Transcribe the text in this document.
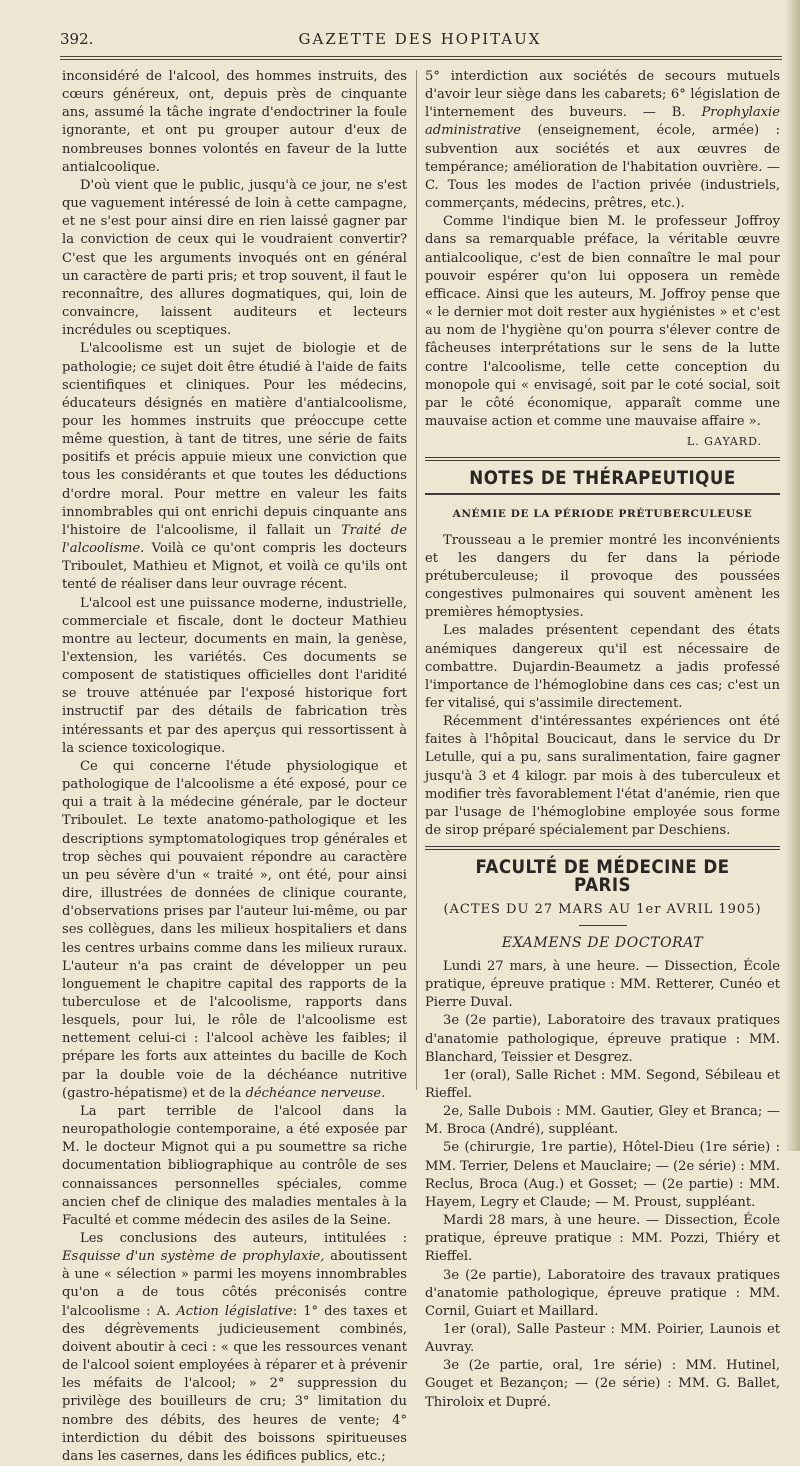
392.	GAZETTE DES HOPITAUX

inconsidéré de l'alcool, des hommes instruits, des cœurs généreux, ont, depuis près de cinquante ans, assumé la tâche ingrate d'endoctriner la foule ignorante, et ont pu grouper autour d'eux de nombreuses bonnes volontés en faveur de la lutte antialcoolique.

D'où vient que le public, jusqu'à ce jour, ne s'est que vaguement intéressé de loin à cette campagne, et ne s'est pour ainsi dire en rien laissé gagner par la conviction de ceux qui le voudraient convertir? C'est que les arguments invoqués ont en général un caractère de parti pris; et trop souvent, il faut le reconnaître, des allures dogmatiques, qui, loin de convaincre, laissent auditeurs et lecteurs incrédules ou sceptiques.

L'alcoolisme est un sujet de biologie et de pathologie; ce sujet doit être étudié à l'aide de faits scientifiques et cliniques. Pour les médecins, éducateurs désignés en matière d'antialcoolisme, pour les hommes instruits que préoccupe cette même question, à tant de titres, une série de faits positifs et précis appuie mieux une conviction que tous les considérants et que toutes les déductions d'ordre moral. Pour mettre en valeur les faits innombrables qui ont enrichi depuis cinquante ans l'histoire de l'alcoolisme, il fallait un Traité de l'alcoolisme. Voilà ce qu'ont compris les docteurs Triboulet, Mathieu et Mignot, et voilà ce qu'ils ont tenté de réaliser dans leur ouvrage récent.

L'alcool est une puissance moderne, industrielle, commerciale et fiscale, dont le docteur Mathieu montre au lecteur, documents en main, la genèse, l'extension, les variétés. Ces documents se composent de statistiques officielles dont l'aridité se trouve atténuée par l'exposé historique fort instructif par des détails de fabrication très intéressants et par des aperçus qui ressortissent à la science toxicologique.

Ce qui concerne l'étude physiologique et pathologique de l'alcoolisme a été exposé, pour ce qui a trait à la médecine générale, par le docteur Triboulet. Le texte anatomo-pathologique et les descriptions symptomatologiques trop générales et trop sèches qui pouvaient répondre au caractère un peu sévère d'un « traité », ont été, pour ainsi dire, illustrées de données de clinique courante, d'observations prises par l'auteur lui-même, ou par ses collègues, dans les milieux hospitaliers et dans les centres urbains comme dans les milieux ruraux. L'auteur n'a pas craint de développer un peu longuement le chapitre capital des rapports de la tuberculose et de l'alcoolisme, rapports dans lesquels, pour lui, le rôle de l'alcoolisme est nettement celui-ci : l'alcool achève les faibles; il prépare les forts aux atteintes du bacille de Koch par la double voie de la déchéance nutritive (gastro-hépatisme) et de la déchéance nerveuse.

La part terrible de l'alcool dans la neuropathologie contemporaine, a été exposée par M. le docteur Mignot qui a pu soumettre sa riche documentation bibliographique au contrôle de ses connaissances personnelles spéciales, comme ancien chef de clinique des maladies mentales à la Faculté et comme médecin des asiles de la Seine.

Les conclusions des auteurs, intitulées : Esquisse d'un système de prophylaxie, aboutissent à une « sélection » parmi les moyens innombrables qu'on a de tous côtés préconisés contre l'alcoolisme : A. Action législative: 1° des taxes et des dégrèvements judicieusement combinés, doivent aboutir à ceci : « que les ressources venant de l'alcool soient employées à réparer et à prévenir les méfaits de l'alcool; » 2° suppression du privilège des bouilleurs de cru; 3° limitation du nombre des débits, des heures de vente; 4° interdiction du débit des boissons spiritueuses dans les casernes, dans les édifices publics, etc.;

5° interdiction aux sociétés de secours mutuels d'avoir leur siège dans les cabarets; 6° législation de l'internement des buveurs. — B. Prophylaxie administrative (enseignement, école, armée) : subvention aux sociétés et aux œuvres de tempérance; amélioration de l'habitation ouvrière. — C. Tous les modes de l'action privée (industriels, commerçants, médecins, prêtres, etc.).

Comme l'indique bien M. le professeur Joffroy dans sa remarquable préface, la véritable œuvre antialcoolique, c'est de bien connaître le mal pour pouvoir espérer qu'on lui opposera un remède efficace. Ainsi que les auteurs, M. Joffroy pense que « le dernier mot doit rester aux hygiénistes » et c'est au nom de l'hygiène qu'on pourra s'élever contre de fâcheuses interprétations sur le sens de la lutte contre l'alcoolisme, telle cette conception du monopole qui « envisagé, soit par le coté social, soit par le côté économique, apparaît comme une mauvaise action et comme une mauvaise affaire ».

L. GAYARD.
NOTES DE THÉRAPEUTIQUE
ANÉMIE DE LA PÉRIODE PRÉTUBERCULEUSE

Trousseau a le premier montré les inconvénients et les dangers du fer dans la période prétuberculeuse; il provoque des poussées congestives pulmonaires qui souvent amènent les premières hémoptysies.

Les malades présentent cependant des états anémiques dangereux qu'il est nécessaire de combattre. Dujardin-Beaumetz a jadis professé l'importance de l'hémoglobine dans ces cas; c'est un fer vitalisé, qui s'assimile directement.

Récemment d'intéressantes expériences ont été faites à l'hôpital Boucicaut, dans le service du Dr Letulle, qui a pu, sans suralimentation, faire gagner jusqu'à 3 et 4 kilogr. par mois à des tuberculeux et modifier très favorablement l'état d'anémie, rien que par l'usage de l'hémoglobine employée sous forme de sirop préparé spécialement par Deschiens.

FACULTÉ DE MÉDECINE DE PARIS
(ACTES DU 27 MARS AU 1er AVRIL 1905)
EXAMENS DE DOCTORAT

Lundi 27 mars, à une heure. — Dissection, École pratique, épreuve pratique : MM. Retterer, Cunéo et Pierre Duval.

3e (2e partie), Laboratoire des travaux pratiques d'anatomie pathologique, épreuve pratique : MM. Blanchard, Teissier et Desgrez.

1er (oral), Salle Richet : MM. Segond, Sébileau et Rieffel.

2e, Salle Dubois : MM. Gautier, Gley et Branca; — M. Broca (André), suppléant.

5e (chirurgie, 1re partie), Hôtel-Dieu (1re série) : MM. Terrier, Delens et Mauclaire; — (2e série) : MM. Reclus, Broca (Aug.) et Gosset; — (2e partie) : MM. Hayem, Legry et Claude; — M. Proust, suppléant.

Mardi 28 mars, à une heure. — Dissection, École pratique, épreuve pratique : MM. Pozzi, Thiéry et Rieffel.

3e (2e partie), Laboratoire des travaux pratiques d'anatomie pathologique, épreuve pratique : MM. Cornil, Guiart et Maillard.

1er (oral), Salle Pasteur : MM. Poirier, Launois et Auvray.

3e (2e partie, oral, 1re série) : MM. Hutinel, Gouget et Bezançon; — (2e série) : MM. G. Ballet, Thiroloix et Dupré.
